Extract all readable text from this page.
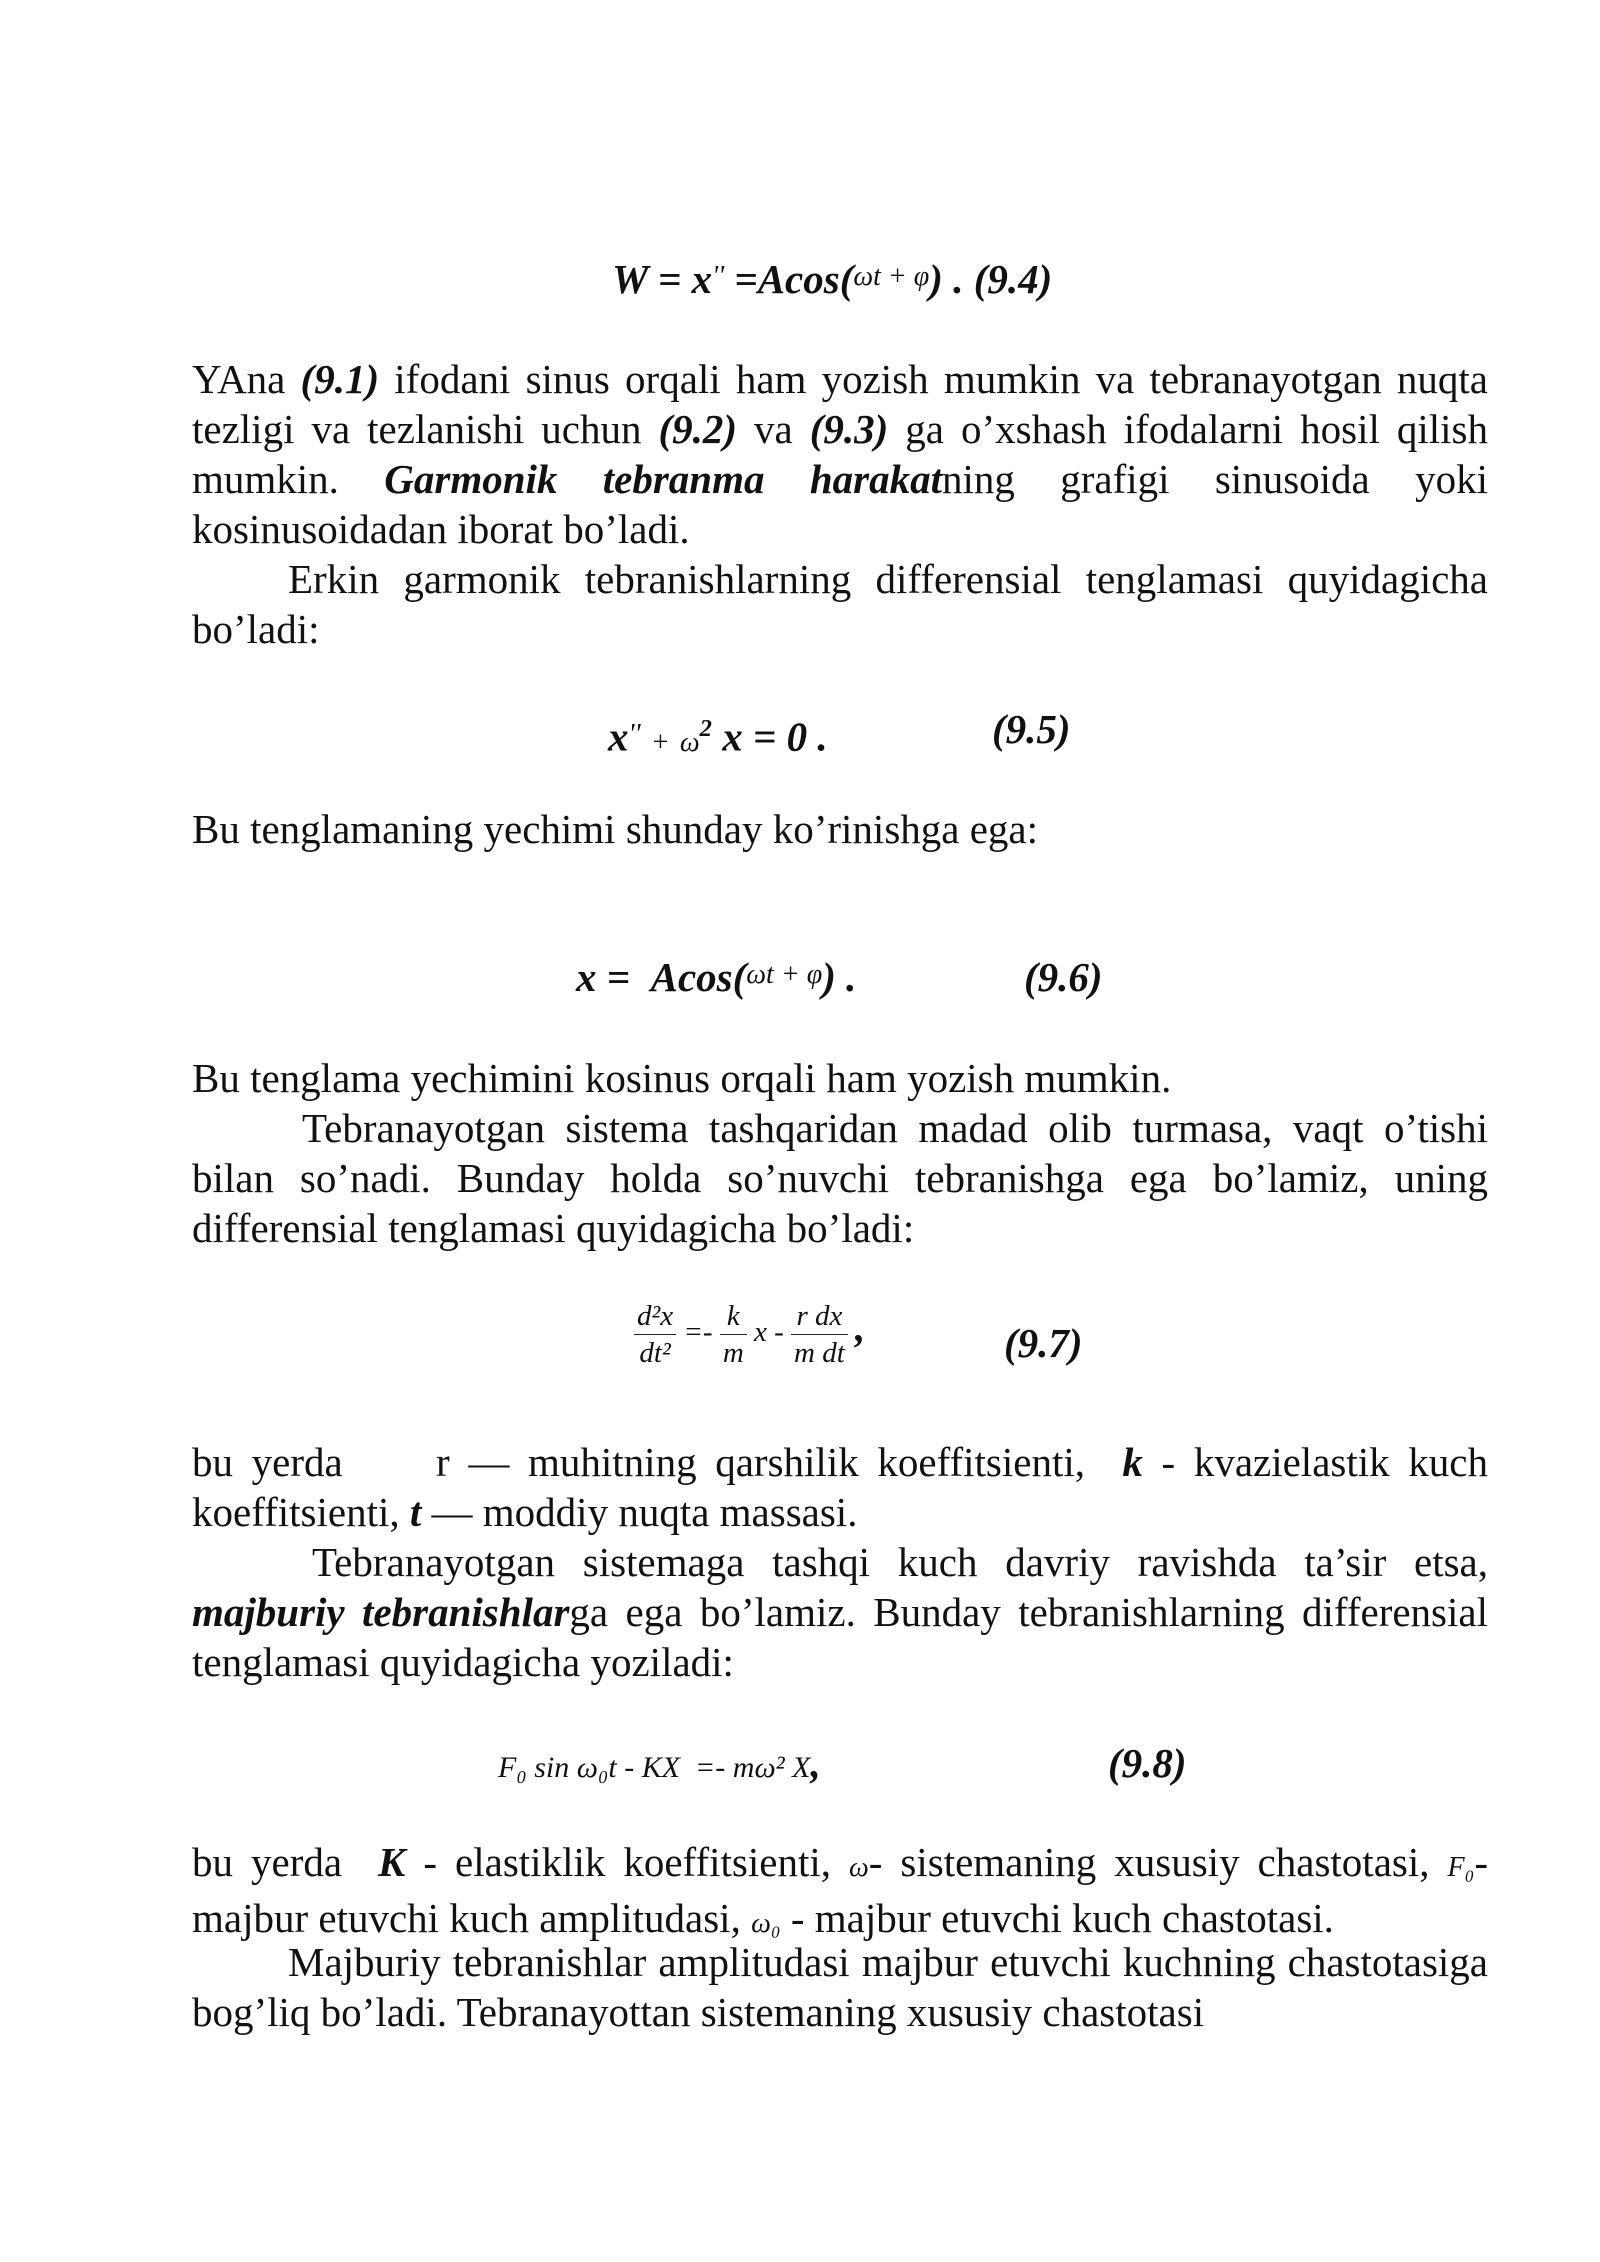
W = x'' =Acos(ωt + φ) . (9.4)
YAna (9.1) ifodani sinus orqali ham yozish mumkin va tebranayotgan nuqta tezligi va tezlanishi uchun (9.2) va (9.3) ga o’xshash ifodalarni hosil qilish mumkin. Garmonik tebranma harakatning grafigi sinusoida yoki kosinusoidadan iborat bo’ladi.
Erkin garmonik tebranishlarning differensial tenglamasi quyidagicha bo’ladi:
$x'' + \omega^2$ x = 0 .	(9.5)
Bu tenglamaning yechimi shunday ko’rinishga ega:
x = Acos(ωt + φ) .	(9.6)
Bu tenglama yechimini kosinus orqali ham yozish mumkin.
Tebranayotgan sistema tashqaridan madad olib turmasa, vaqt o’tishi bilan so’nadi. Bunday holda so’nuvchi tebranishga ega bo’lamiz, uning differensial tenglamasi quyidagicha bo’ladi:
$\frac{\text{d²x}}{\text{dt²}} =- \frac{k}{m}$ x - $\frac{\text{r dx}}{\text{m dt}}$ ,	(9.7)
bu yerda     r — muhitning qarshilik koeffitsienti,  k - kvazielastik kuch koeffitsienti, t — moddiy nuqta massasi.
Tebranayotgan sistemaga tashqi kuch davriy ravishda ta’sir etsa, majburiy tebranishlarga ega bo’lamiz. Bunday tebranishlarning differensial tenglamasi quyidagicha yoziladi:
F₀ sin ω₀t - KX =- mω² X,	(9.8)
bu yerda  K - elastiklik koeffitsienti, ω- sistemaning xususiy chastotasi, F₀- majbur etuvchi kuch amplitudasi, ω₀ - majbur etuvchi kuch chastotasi.
Majburiy tebranishlar amplitudasi majbur etuvchi kuchning chastotasiga bog’liq bo’ladi. Tebranayottan sistemaning xususiy chastotasi
